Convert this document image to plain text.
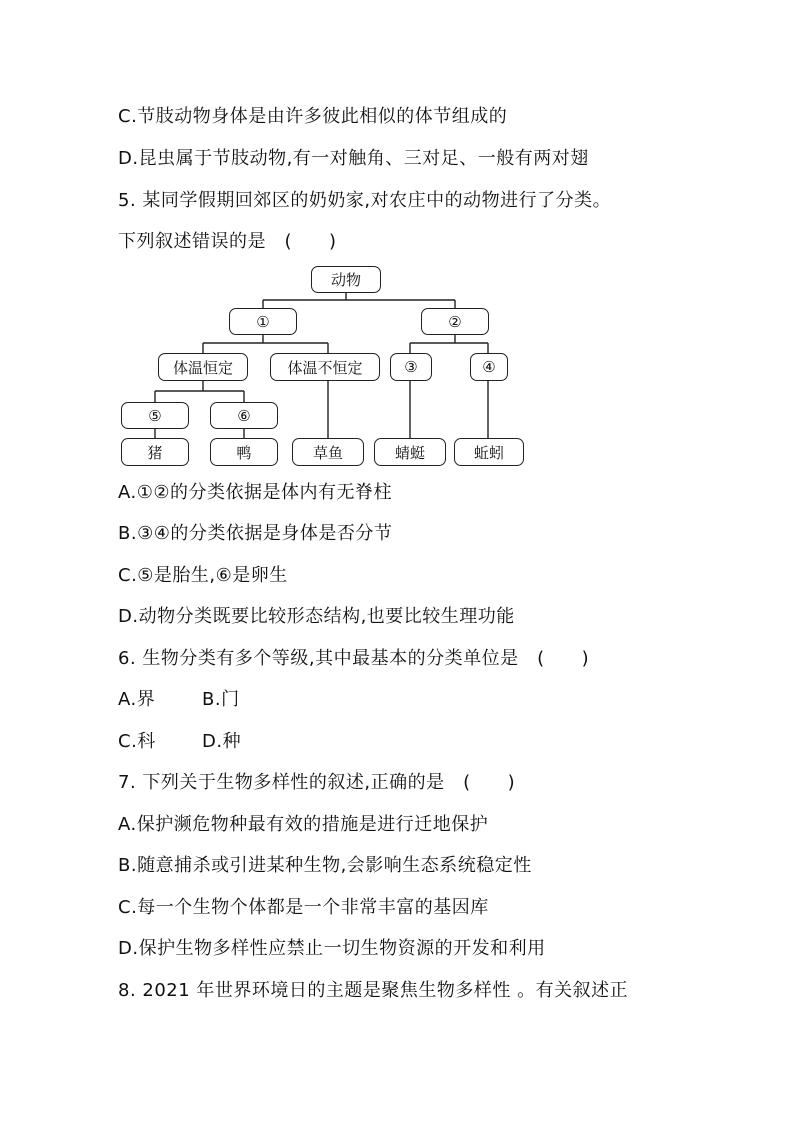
C.节肢动物身体是由许多彼此相似的体节组成的
D.昆虫属于节肢动物,有一对触角、三对足、一般有两对翅
5. 某同学假期回郊区的奶奶家,对农庄中的动物进行了分类。
下列叙述错误的是　(　　)
动物
①	②
体温恒定	体温不恒定	③	④
⑤	⑥
猪	鸭	草鱼	蜻蜓	蚯蚓
A.①②的分类依据是体内有无脊柱
B.③④的分类依据是身体是否分节
C.⑤是胎生,⑥是卵生
D.动物分类既要比较形态结构,也要比较生理功能
6. 生物分类有多个等级,其中最基本的分类单位是　(　　)
A.界	B.门
C.科	D.种
7. 下列关于生物多样性的叙述,正确的是　(　　)
A.保护濒危物种最有效的措施是进行迁地保护
B.随意捕杀或引进某种生物,会影响生态系统稳定性
C.每一个生物个体都是一个非常丰富的基因库
D.保护生物多样性应禁止一切生物资源的开发和利用
8. 2021 年世界环境日的主题是聚焦生物多样性 。有关叙述正
